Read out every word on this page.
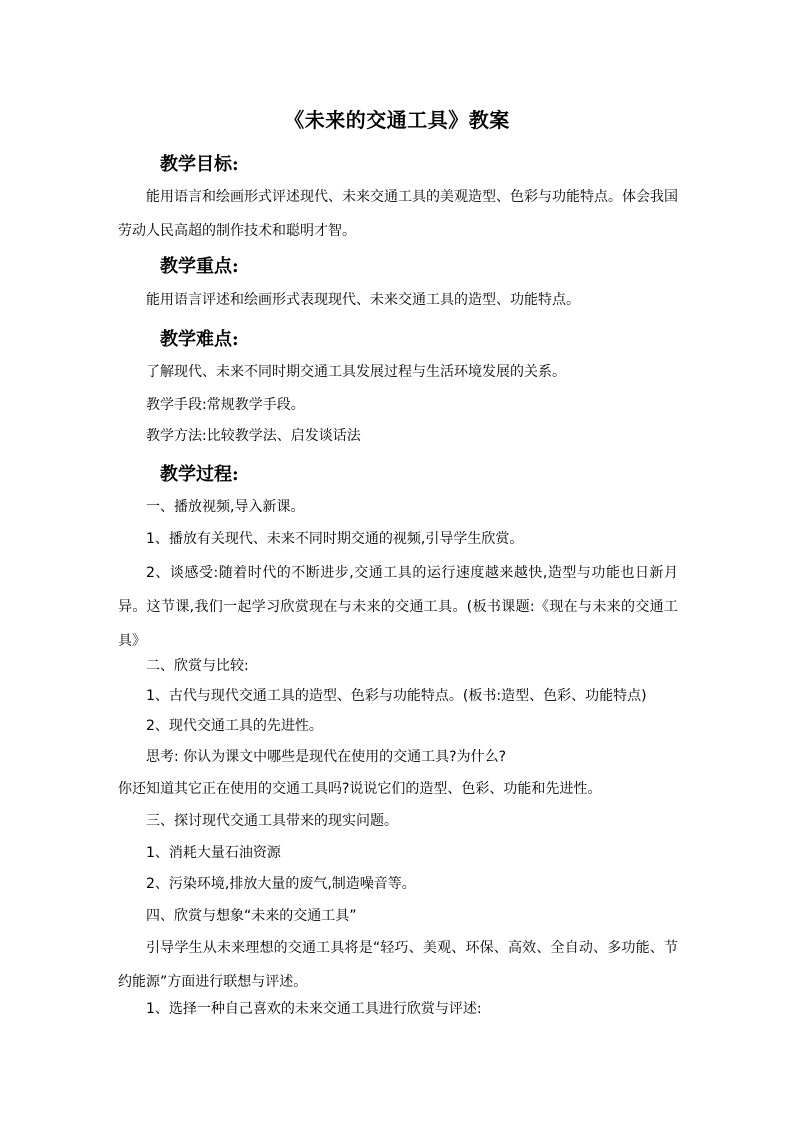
《未来的交通工具》教案
教学目标:
能用语言和绘画形式评述现代、未来交通工具的美观造型、色彩与功能特点。体会我国劳动人民高超的制作技术和聪明才智。
教学重点:
能用语言评述和绘画形式表现现代、未来交通工具的造型、功能特点。
教学难点:
了解现代、未来不同时期交通工具发展过程与生活环境发展的关系。
教学手段:常规教学手段。
教学方法:比较教学法、启发谈话法
教学过程:
一、播放视频,导入新课。
1、播放有关现代、未来不同时期交通的视频,引导学生欣赏。
2、谈感受:随着时代的不断进步,交通工具的运行速度越来越快,造型与功能也日新月异。这节课,我们一起学习欣赏现在与未来的交通工具。(板书课题:《现在与未来的交通工具》
二、欣赏与比较:
1、古代与现代交通工具的造型、色彩与功能特点。(板书:造型、色彩、功能特点)
2、现代交通工具的先进性。
思考: 你认为课文中哪些是现代在使用的交通工具?为什么?
你还知道其它正在使用的交通工具吗?说说它们的造型、色彩、功能和先进性。
三、探讨现代交通工具带来的现实问题。
1、消耗大量石油资源
2、污染环境,排放大量的废气,制造噪音等。
四、欣赏与想象“未来的交通工具”
引导学生从未来理想的交通工具将是“轻巧、美观、环保、高效、全自动、多功能、节约能源”方面进行联想与评述。
1、选择一种自己喜欢的未来交通工具进行欣赏与评述:
